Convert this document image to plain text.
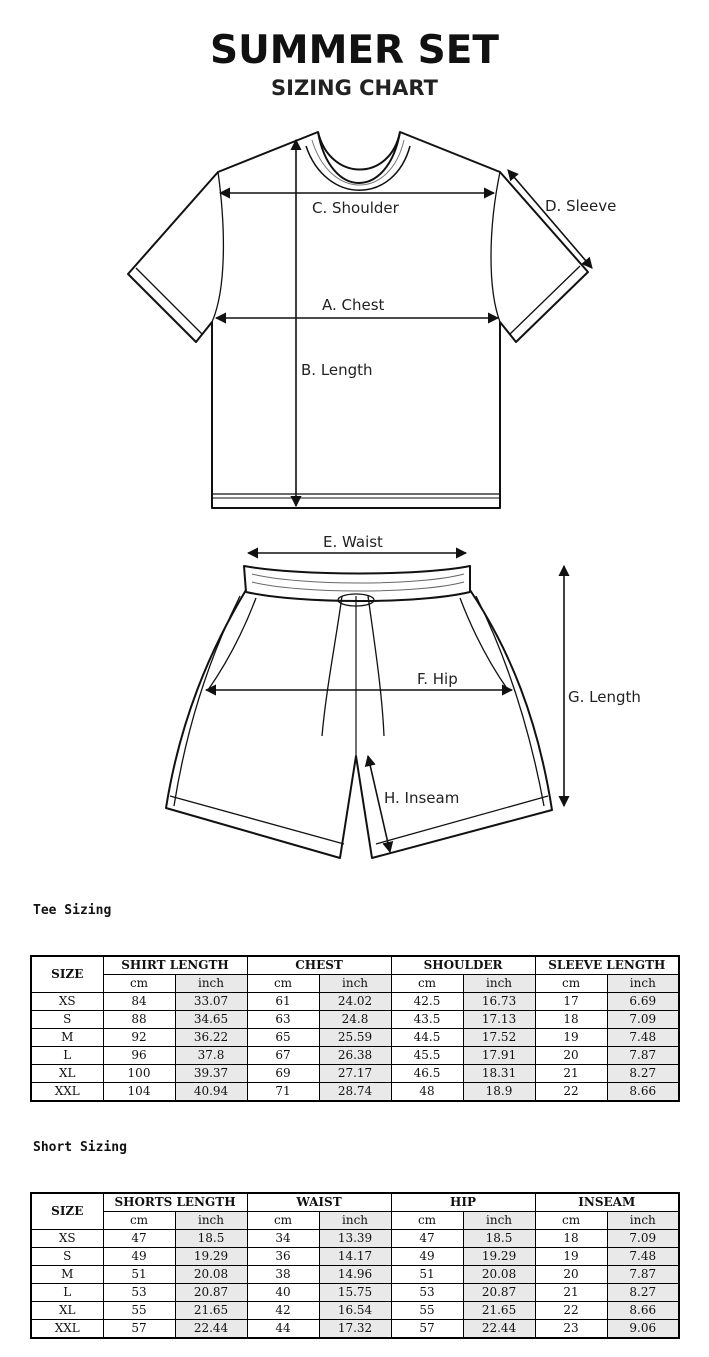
SUMMER SET
SIZING CHART
C. Shoulder	D. Sleeve
A. Chest
B. Length
E. Waist
F. Hip
G. Length
H. Inseam
Tee Sizing
SIZE	SHIRT LENGTH		CHEST		SHOULDER		SLEEVE LENGTH	
	cm	inch	cm	inch	cm	inch	cm	inch
XS	84	33.07	61	24.02	42.5	16.73	17	6.69
S	88	34.65	63	24.8	43.5	17.13	18	7.09
M	92	36.22	65	25.59	44.5	17.52	19	7.48
L	96	37.8	67	26.38	45.5	17.91	20	7.87
XL	100	39.37	69	27.17	46.5	18.31	21	8.27
XXL	104	40.94	71	28.74	48	18.9	22	8.66
Short Sizing
SIZE	SHORTS LENGTH		WAIST		HIP		INSEAM	
	cm	inch	cm	inch	cm	inch	cm	inch
XS	47	18.5	34	13.39	47	18.5	18	7.09
S	49	19.29	36	14.17	49	19.29	19	7.48
M	51	20.08	38	14.96	51	20.08	20	7.87
L	53	20.87	40	15.75	53	20.87	21	8.27
XL	55	21.65	42	16.54	55	21.65	22	8.66
XXL	57	22.44	44	17.32	57	22.44	23	9.06
